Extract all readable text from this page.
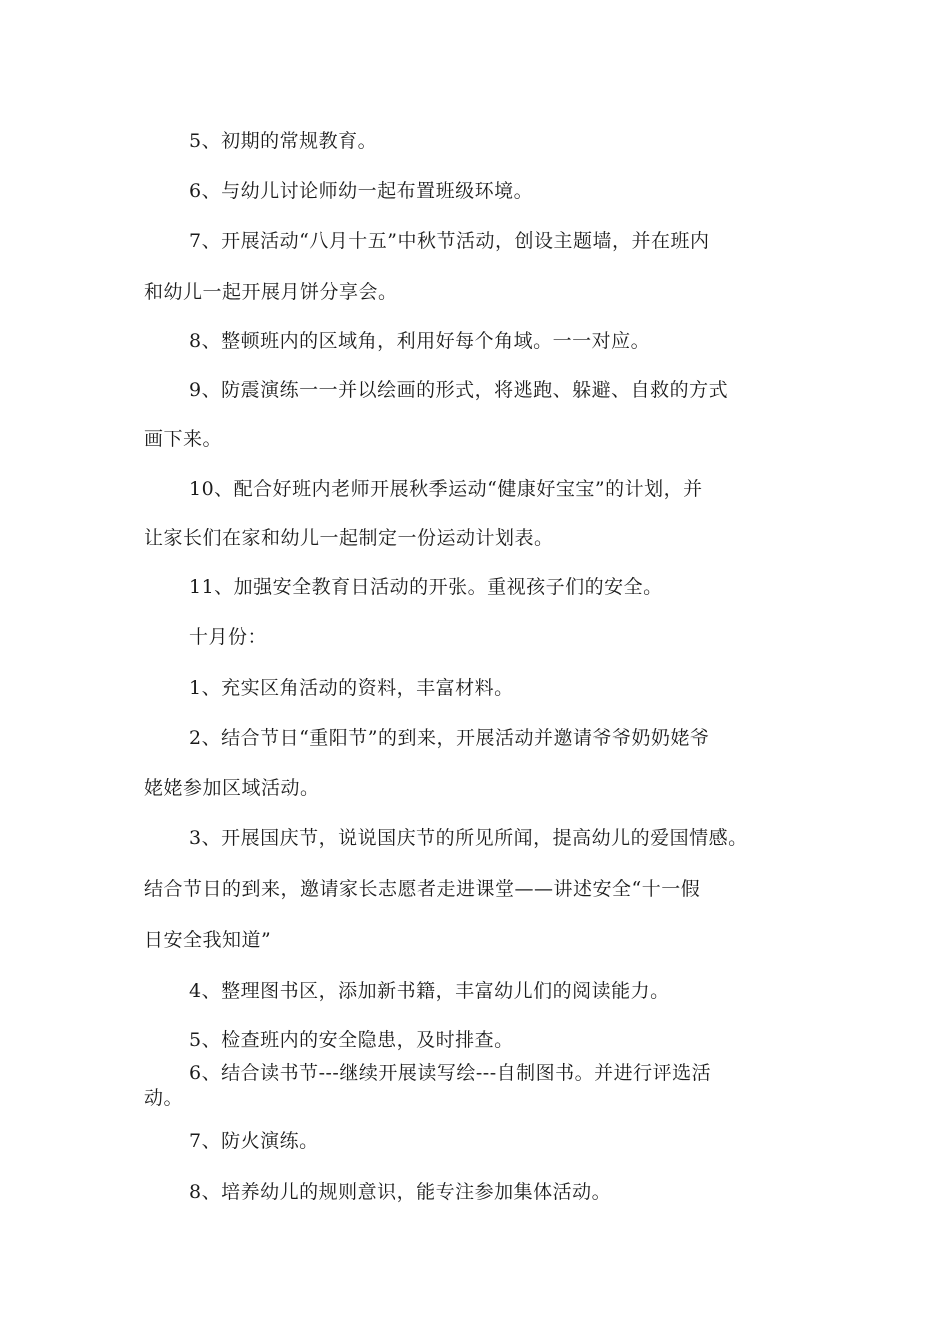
5、初期的常规教育。
6、与幼儿讨论师幼一起布置班级环境。
7、开展活动“八月十五”中秋节活动，创设主题墙，并在班内
和幼儿一起开展月饼分享会。
8、整顿班内的区域角，利用好每个角域。一一对应。
9、防震演练一一并以绘画的形式，将逃跑、躲避、自救的方式
画下来。
10、配合好班内老师开展秋季运动“健康好宝宝”的计划，并
让家长们在家和幼儿一起制定一份运动计划表。
11、加强安全教育日活动的开张。重视孩子们的安全。
十月份：
1、充实区角活动的资料，丰富材料。
2、结合节日“重阳节”的到来，开展活动并邀请爷爷奶奶姥爷
姥姥参加区域活动。
3、开展国庆节，说说国庆节的所见所闻，提高幼儿的爱国情感。
结合节日的到来，邀请家长志愿者走进课堂——讲述安全“十一假
日安全我知道”
4、整理图书区，添加新书籍，丰富幼儿们的阅读能力。
5、检查班内的安全隐患，及时排查。
6、结合读书节---继续开展读写绘---自制图书。并进行评选活
动。
7、防火演练。
8、培养幼儿的规则意识，能专注参加集体活动。
